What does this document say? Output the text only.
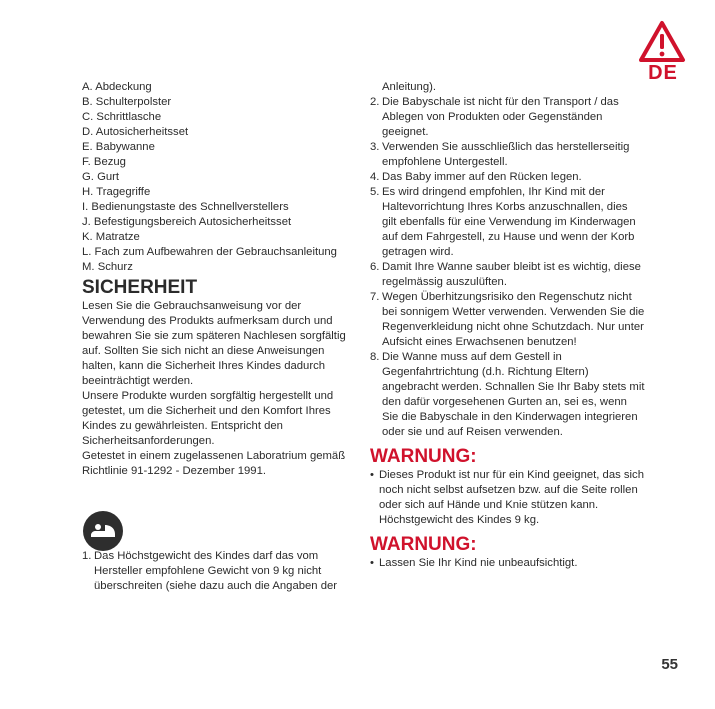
DE
A. Abdeckung
B. Schulterpolster
C. Schrittlasche
D. Autosicherheitsset
E. Babywanne
F. Bezug
G. Gurt
H. Tragegriffe
I. Bedienungstaste des Schnellverstellers
J. Befestigungsbereich Autosicherheitsset
K. Matratze
L. Fach zum Aufbewahren der Gebrauchsanleitung
M. Schurz
SICHERHEIT

Lesen Sie die Gebrauchsanweisung vor der Verwendung des Produkts aufmerksam durch und bewahren Sie sie zum späteren Nachlesen sorgfältig auf. Sollten Sie sich nicht an diese Anweisungen halten, kann die Sicherheit Ihres Kindes dadurch beeinträchtigt werden.

Unsere Produkte wurden sorgfältig hergestellt und getestet, um die Sicherheit und den Komfort Ihres Kindes zu gewährleisten. Entspricht den Sicherheitsanforderungen.

Getestet in einem zugelassenen Laboratrium gemäß Richtlinie 91-1292 - Dezember 1991.

1. Das Höchstgewicht des Kindes darf das vom Hersteller empfohlene Gewicht von 9 kg nicht überschreiten (siehe dazu auch die Angaben der
Anleitung).
2. Die Babyschale ist nicht für den Transport / das Ablegen von Produkten oder Gegenständen geeignet.
3. Verwenden Sie ausschließlich das herstellerseitig empfohlene Untergestell.
4. Das Baby immer auf den Rücken legen.
5. Es wird dringend empfohlen, Ihr Kind mit der Haltevorrichtung Ihres Korbs anzuschnallen, dies gilt ebenfalls für eine Verwendung im Kinderwagen auf dem Fahrgestell, zu Hause und wenn der Korb getragen wird.
6. Damit Ihre Wanne sauber bleibt ist es wichtig, diese regelmässig auszulüften.
7. Wegen Überhitzungsrisiko den Regenschutz nicht bei sonnigem Wetter verwenden. Verwenden Sie die Regenverkleidung nicht ohne Schutzdach. Nur unter Aufsicht eines Erwachsenen benutzen!
8. Die Wanne muss auf dem Gestell in Gegenfahrtrichtung (d.h. Richtung Eltern) angebracht werden. Schnallen Sie Ihr Baby stets mit den dafür vorgesehenen Gurten an, sei es, wenn Sie die Babyschale in den Kinderwagen integrieren oder sie und auf Reisen verwenden.
WARNUNG:
• Dieses Produkt ist nur für ein Kind geeignet, das sich noch nicht selbst aufsetzen bzw. auf die Seite rollen oder sich auf Hände und Knie stützen kann. Höchstgewicht des Kindes 9 kg.
WARNUNG:
• Lassen Sie Ihr Kind nie unbeaufsichtigt.
55
